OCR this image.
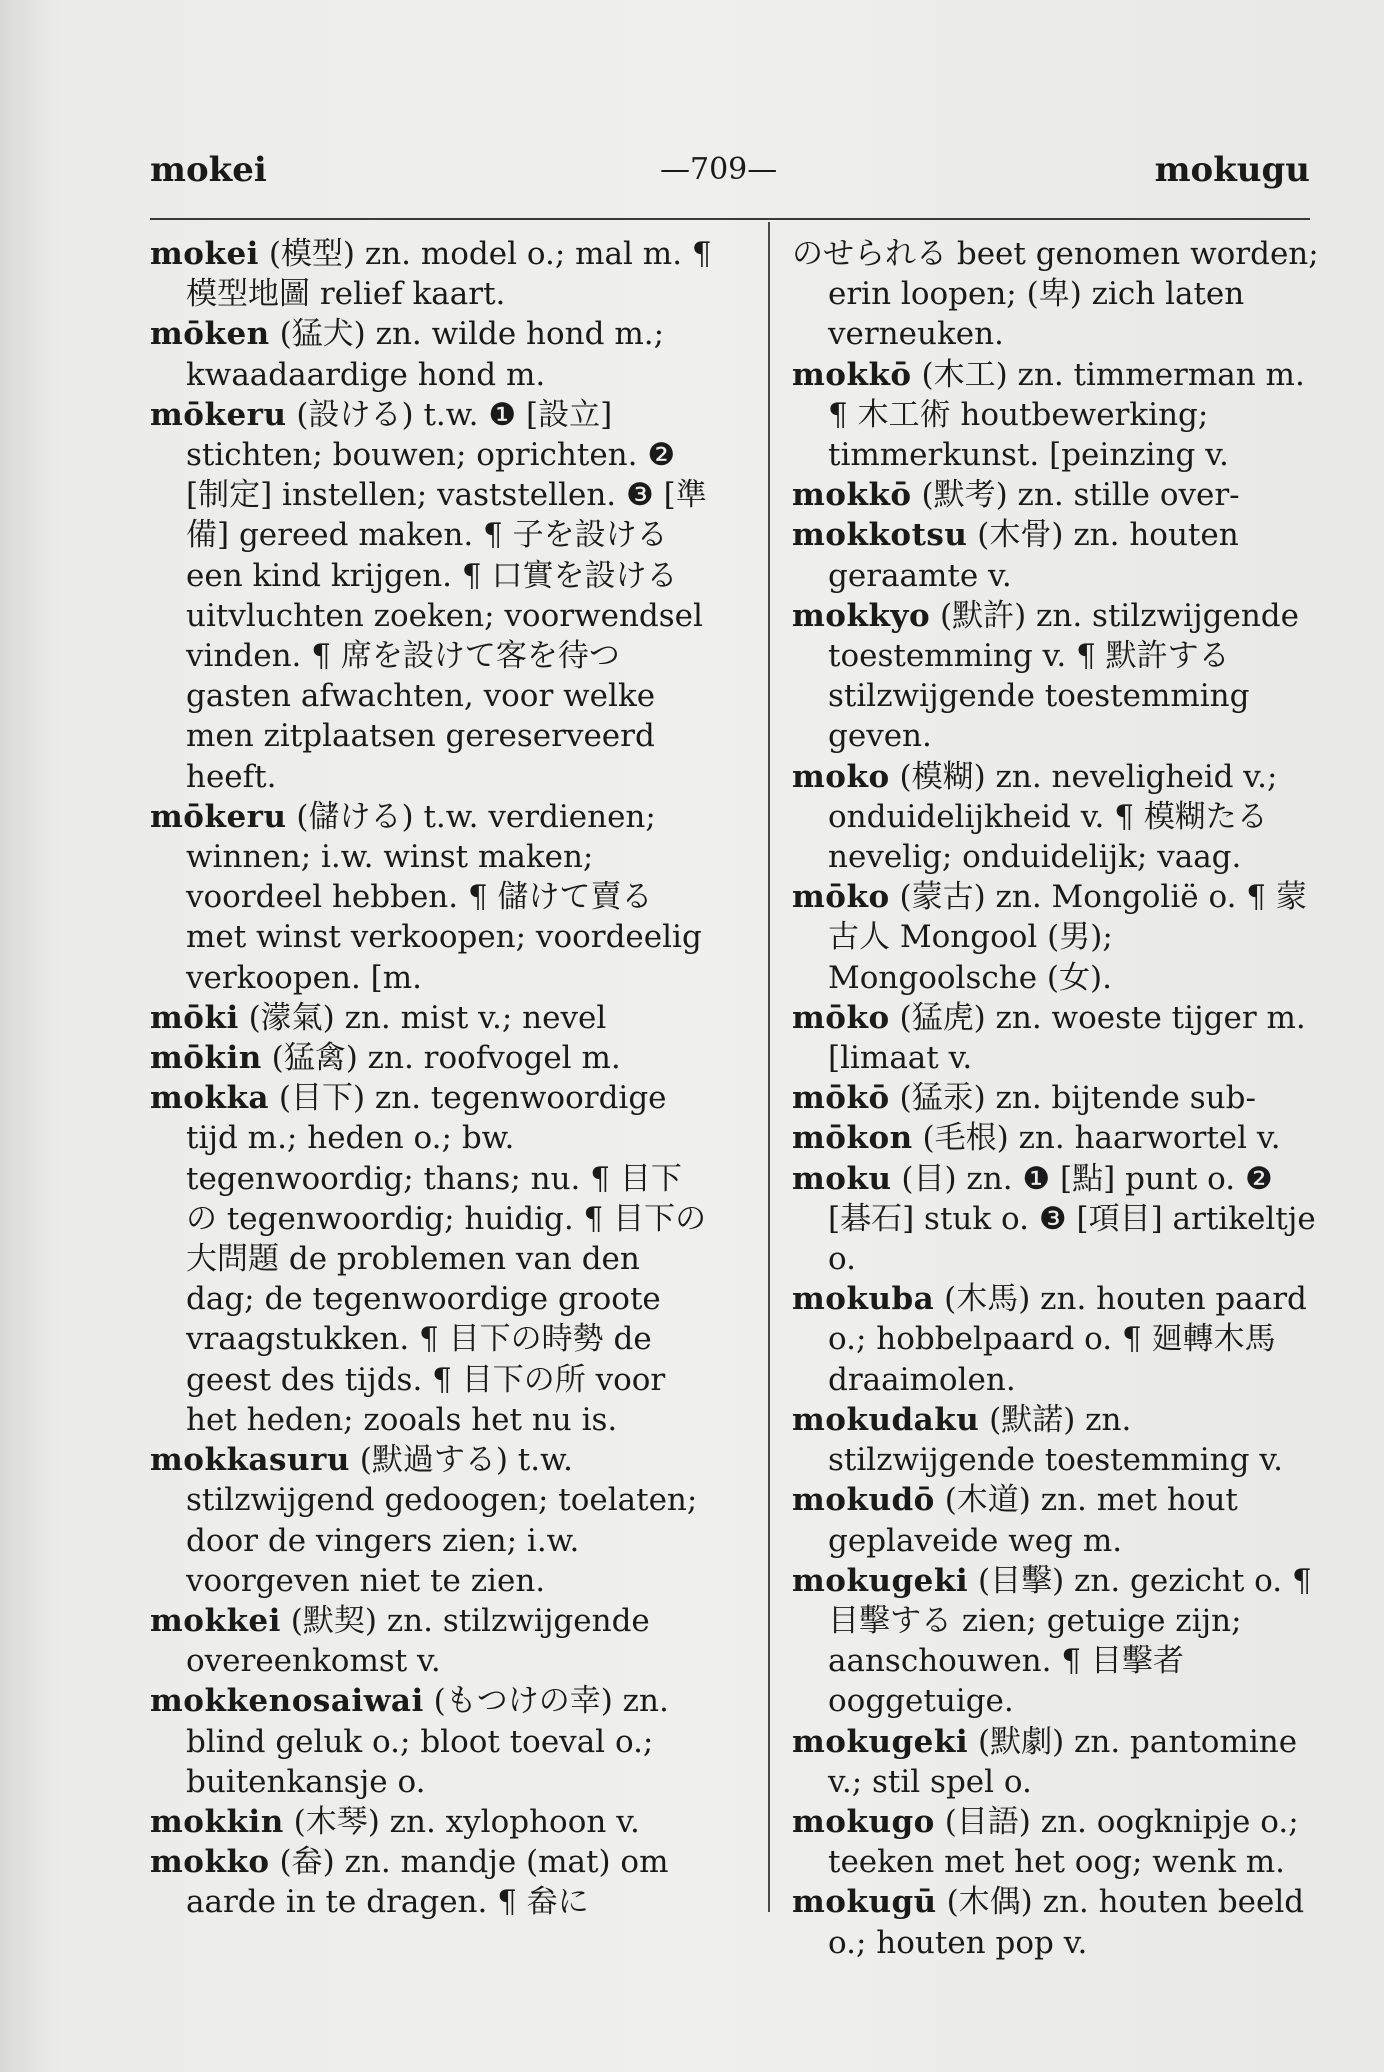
mokei	—709—	mokugu

mokei (模型) zn. model o.; mal m. ¶ 模型地圖 relief kaart.

mōken (猛犬) zn. wilde hond m.; kwaadaardige hond m.

mōkeru (設ける) t.w. ❶ [設立] stichten; bouwen; oprichten. ❷ [制定] instellen; vaststellen. ❸ [準備] gereed maken. ¶ 子を設ける een kind krijgen. ¶ 口實を設ける uitvluchten zoeken; voorwendsel vinden. ¶ 席を設けて客を待つ gasten afwachten, voor welke men zitplaatsen gereserveerd heeft.

mōkeru (儲ける) t.w. verdienen; winnen; i.w. winst maken; voordeel hebben. ¶ 儲けて賣る met winst verkoopen; voordeelig verkoopen. [m.

mōki (濛氣) zn. mist v.; nevel

mōkin (猛禽) zn. roofvogel m.

mokka (目下) zn. tegenwoordige tijd m.; heden o.; bw. tegenwoordig; thans; nu. ¶ 目下の tegenwoordig; huidig. ¶ 目下の大問題 de problemen van den dag; de tegenwoordige groote vraagstukken. ¶ 目下の時勢 de geest des tijds. ¶ 目下の所 voor het heden; zooals het nu is.

mokkasuru (默過する) t.w. stilzwijgend gedoogen; toelaten; door de vingers zien; i.w. voorgeven niet te zien.

mokkei (默契) zn. stilzwijgende overeenkomst v.

mokkenosaiwai (もつけの幸) zn. blind geluk o.; bloot toeval o.; buitenkansje o.

mokkin (木琴) zn. xylophoon v.

mokko (畚) zn. mandje (mat) om aarde in te dragen. ¶ 畚に

のせられる beet genomen worden; erin loopen; (卑) zich laten verneuken.

mokkō (木工) zn. timmerman m. ¶ 木工術 houtbewerking; timmerkunst. [peinzing v.

mokkō (默考) zn. stille over-

mokkotsu (木骨) zn. houten geraamte v.

mokkyo (默許) zn. stilzwijgende toestemming v. ¶ 默許する stilzwijgende toestemming geven.

moko (模糊) zn. neveligheid v.; onduidelijkheid v. ¶ 模糊たる nevelig; onduidelijk; vaag.

mōko (蒙古) zn. Mongolië o. ¶ 蒙古人 Mongool (男); Mongoolsche (女).

mōko (猛虎) zn. woeste tijger m. [limaat v.

mōkō (猛汞) zn. bijtende sub-

mōkon (毛根) zn. haarwortel v.

moku (目) zn. ❶ [點] punt o. ❷ [碁石] stuk o. ❸ [項目] artikeltje o.

mokuba (木馬) zn. houten paard o.; hobbelpaard o. ¶ 廻轉木馬 draaimolen.

mokudaku (默諾) zn. stilzwijgende toestemming v.

mokudō (木道) zn. met hout geplaveide weg m.

mokugeki (目擊) zn. gezicht o. ¶ 目擊する zien; getuige zijn; aanschouwen. ¶ 目擊者 ooggetuige.

mokugeki (默劇) zn. pantomine v.; stil spel o.

mokugo (目語) zn. oogknipje o.; teeken met het oog; wenk m.

mokugū (木偶) zn. houten beeld o.; houten pop v.
